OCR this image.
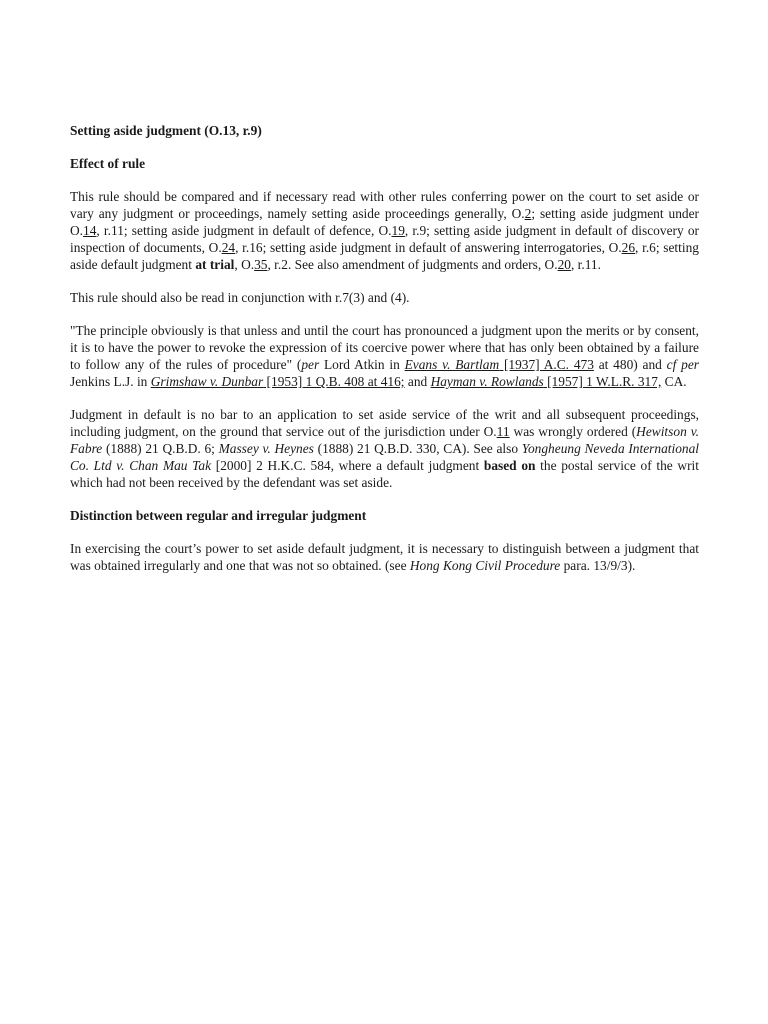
Setting aside judgment (O.13, r.9)
Effect of rule

This rule should be compared and if necessary read with other rules conferring power on the court to set aside or vary any judgment or proceedings, namely setting aside proceedings generally, O.2; setting aside judgment under O.14, r.11; setting aside judgment in default of defence, O.19, r.9; setting aside judgment in default of discovery or inspection of documents, O.24, r.16; setting aside judgment in default of answering interrogatories, O.26, r.6; setting aside default judgment at trial, O.35, r.2. See also amendment of judgments and orders, O.20, r.11.

This rule should also be read in conjunction with r.7(3) and (4).

"The principle obviously is that unless and until the court has pronounced a judgment upon the merits or by consent, it is to have the power to revoke the expression of its coercive power where that has only been obtained by a failure to follow any of the rules of procedure" (per Lord Atkin in Evans v. Bartlam [1937] A.C. 473 at 480) and cf per Jenkins L.J. in Grimshaw v. Dunbar [1953] 1 Q.B. 408 at 416; and Hayman v. Rowlands [1957] 1 W.L.R. 317, CA.

Judgment in default is no bar to an application to set aside service of the writ and all subsequent proceedings, including judgment, on the ground that service out of the jurisdiction under O.11 was wrongly ordered (Hewitson v. Fabre (1888) 21 Q.B.D. 6; Massey v. Heynes (1888) 21 Q.B.D. 330, CA). See also Yongheung Neveda International Co. Ltd v. Chan Mau Tak [2000] 2 H.K.C. 584, where a default judgment based on the postal service of the writ which had not been received by the defendant was set aside.

Distinction between regular and irregular judgment

In exercising the court’s power to set aside default judgment, it is necessary to distinguish between a judgment that was obtained irregularly and one that was not so obtained. (see Hong Kong Civil Procedure para. 13/9/3).
